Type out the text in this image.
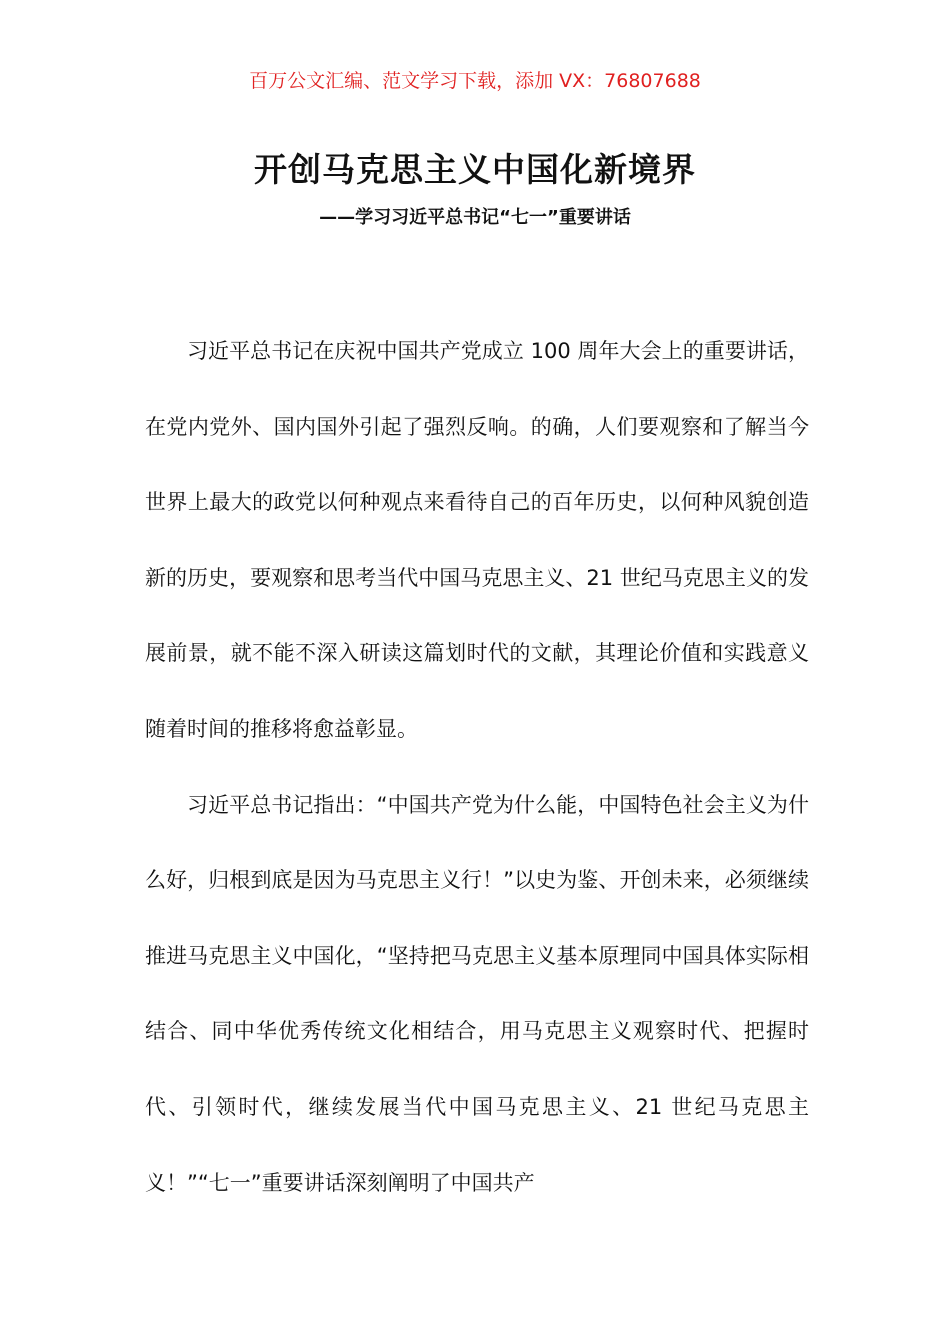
百万公文汇编、范文学习下载，添加 VX：76807688
开创马克思主义中国化新境界
——学习习近平总书记“七一”重要讲话

习近平总书记在庆祝中国共产党成立 100 周年大会上的重要讲话，在党内党外、国内国外引起了强烈反响。的确，人们要观察和了解当今世界上最大的政党以何种观点来看待自己的百年历史，以何种风貌创造新的历史，要观察和思考当代中国马克思主义、21 世纪马克思主义的发展前景，就不能不深入研读这篇划时代的文献，其理论价值和实践意义随着时间的推移将愈益彰显。

习近平总书记指出：“中国共产党为什么能，中国特色社会主义为什么好，归根到底是因为马克思主义行！”以史为鉴、开创未来，必须继续推进马克思主义中国化，“坚持把马克思主义基本原理同中国具体实际相结合、同中华优秀传统文化相结合，用马克思主义观察时代、把握时代、引领时代，继续发展当代中国马克思主义、21 世纪马克思主义！”“七一”重要讲话深刻阐明了中国共产
